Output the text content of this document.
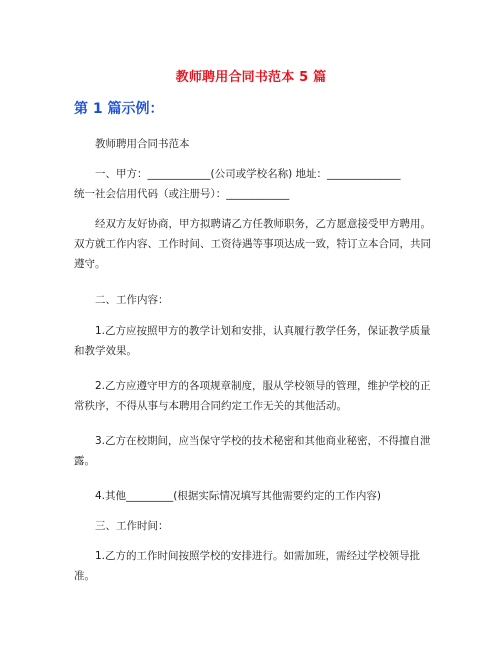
教师聘用合同书范本 5 篇
第 1 篇示例：
教师聘用合同书范本
一、甲方：____________(公司或学校名称) 地址：______________
统一社会信用代码（或注册号）：____________
经双方友好协商，甲方拟聘请乙方任教师职务，乙方愿意接受甲方聘用。双方就工作内容、工作时间、工资待遇等事项达成一致，特订立本合同，共同遵守。
二、工作内容：
1.乙方应按照甲方的教学计划和安排，认真履行教学任务，保证教学质量和教学效果。
2.乙方应遵守甲方的各项规章制度，服从学校领导的管理，维护学校的正常秩序，不得从事与本聘用合同约定工作无关的其他活动。
3.乙方在校期间，应当保守学校的技术秘密和其他商业秘密，不得擅自泄露。
4.其他_________(根据实际情况填写其他需要约定的工作内容)
三、工作时间：
1.乙方的工作时间按照学校的安排进行。如需加班，需经过学校领导批准。
